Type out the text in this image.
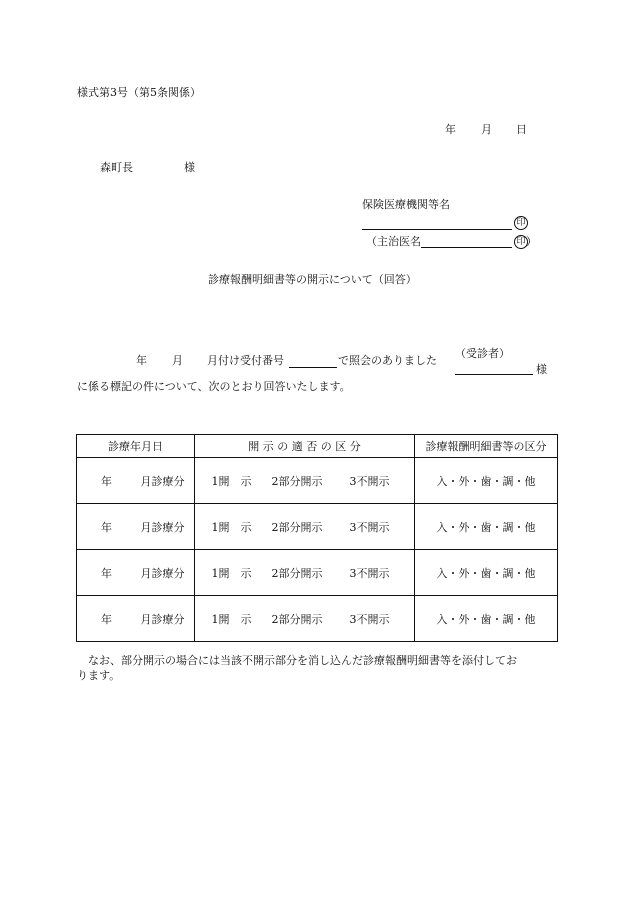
様式第3号（第5条関係）
年 月 日
森町長	様
保険医療機関等名
印
（主治医名	印 ）
診療報酬明細書等の開示について（回答）
年 月 月付け受付番号	で照会のありました
（受診者）
様
に係る標記の件について、次のとおり回答いたします。
診療年月日	開 示 の 適 否 の 区 分	診療報酬明細書等の区分
年 月診療分	1開　示 2部分開示 3不開示	入・外・歯・調・他
年 月診療分	1開　示 2部分開示 3不開示	入・外・歯・調・他
年 月診療分	1開　示 2部分開示 3不開示	入・外・歯・調・他
年 月診療分	1開　示 2部分開示 3不開示	入・外・歯・調・他
なお、部分開示の場合には当該不開示部分を消し込んだ診療報酬明細書等を添付してお
ります。
